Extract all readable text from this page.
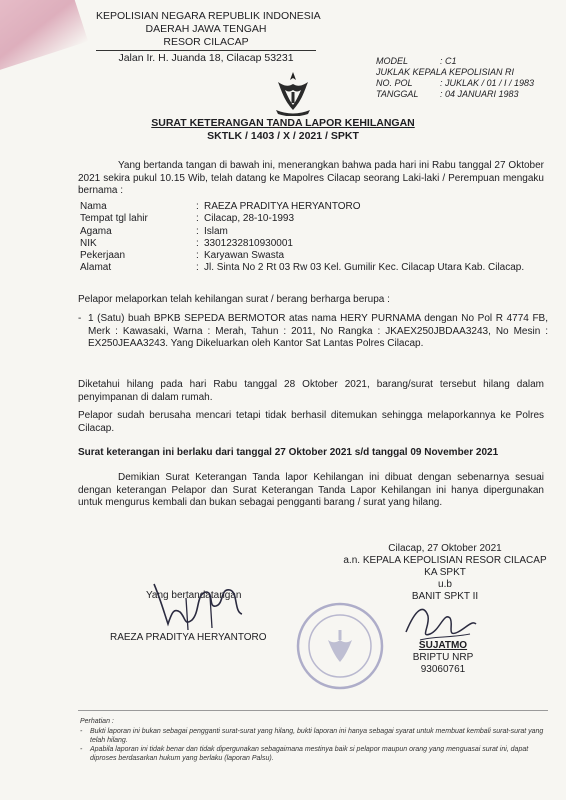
KEPOLISIAN NEGARA REPUBLIK INDONESIA
DAERAH JAWA TENGAH
RESOR CILACAP
Jalan Ir. H. Juanda 18, Cilacap 53231	MODEL	: C1
JUKLAK KEPALA KEPOLISIAN RI
NO. POL	: JUKLAK / 01 / I / 1983
TANGGAL	: 04 JANUARI 1983
SURAT KETERANGAN TANDA LAPOR KEHILANGAN
SKTLK / 1403 / X / 2021 / SPKT
Yang bertanda tangan di bawah ini, menerangkan bahwa pada hari ini Rabu tanggal 27 Oktober 2021 sekira pukul 10.15 Wib, telah datang ke Mapolres Cilacap seorang Laki-laki / Perempuan mengaku bernama :
Nama	: RAEZA PRADITYA HERYANTORO
Tempat tgl lahir	: Cilacap, 28-10-1993
Agama	: Islam
NIK	: 3301232810930001
Pekerjaan	: Karyawan Swasta
Alamat	: Jl. Sinta No 2 Rt 03 Rw 03 Kel. Gumilir Kec. Cilacap Utara Kab. Cilacap.
Pelapor melaporkan telah kehilangan surat / berang berharga berupa :
- 1 (Satu) buah BPKB SEPEDA BERMOTOR atas nama HERY PURNAMA dengan No Pol R 4774 FB, Merk : Kawasaki, Warna : Merah, Tahun : 2011, No Rangka : JKAEX250JBDAA3243, No Mesin : EX250JEAA3243. Yang Dikeluarkan oleh Kantor Sat Lantas Polres Cilacap.
Diketahui hilang pada hari Rabu tanggal 28 Oktober 2021, barang/surat tersebut hilang dalam penyimpanan di dalam rumah.
Pelapor sudah berusaha mencari tetapi tidak berhasil ditemukan sehingga melaporkannya ke Polres Cilacap.
Surat keterangan ini berlaku dari tanggal 27 Oktober 2021 s/d tanggal 09 November 2021
Demikian Surat Keterangan Tanda lapor Kehilangan ini dibuat dengan sebenarnya sesuai dengan keterangan Pelapor dan Surat Keterangan Tanda Lapor Kehilangan ini hanya dipergunakan untuk mengurus kembali dan bukan sebagai pengganti barang / surat yang hilang.
Cilacap, 27 Oktober 2021
a.n. KEPALA KEPOLISIAN RESOR CILACAP
KA SPKT
u.b
BANIT SPKT II
SUJATMO
BRIPTU NRP 93060761
Yang bertandatangan
RAEZA PRADITYA HERYANTORO
Perhatian :
-	Bukti laporan ini bukan sebagai pengganti surat-surat yang hilang, bukti laporan ini hanya sebagai syarat untuk membuat kembali surat-surat yang telah hilang.
-	Apabila laporan ini tidak benar dan tidak dipergunakan sebagaimana mestinya baik si pelapor maupun orang yang menguasai surat ini, dapat diproses berdasarkan hukum yang berlaku (laporan Palsu).
